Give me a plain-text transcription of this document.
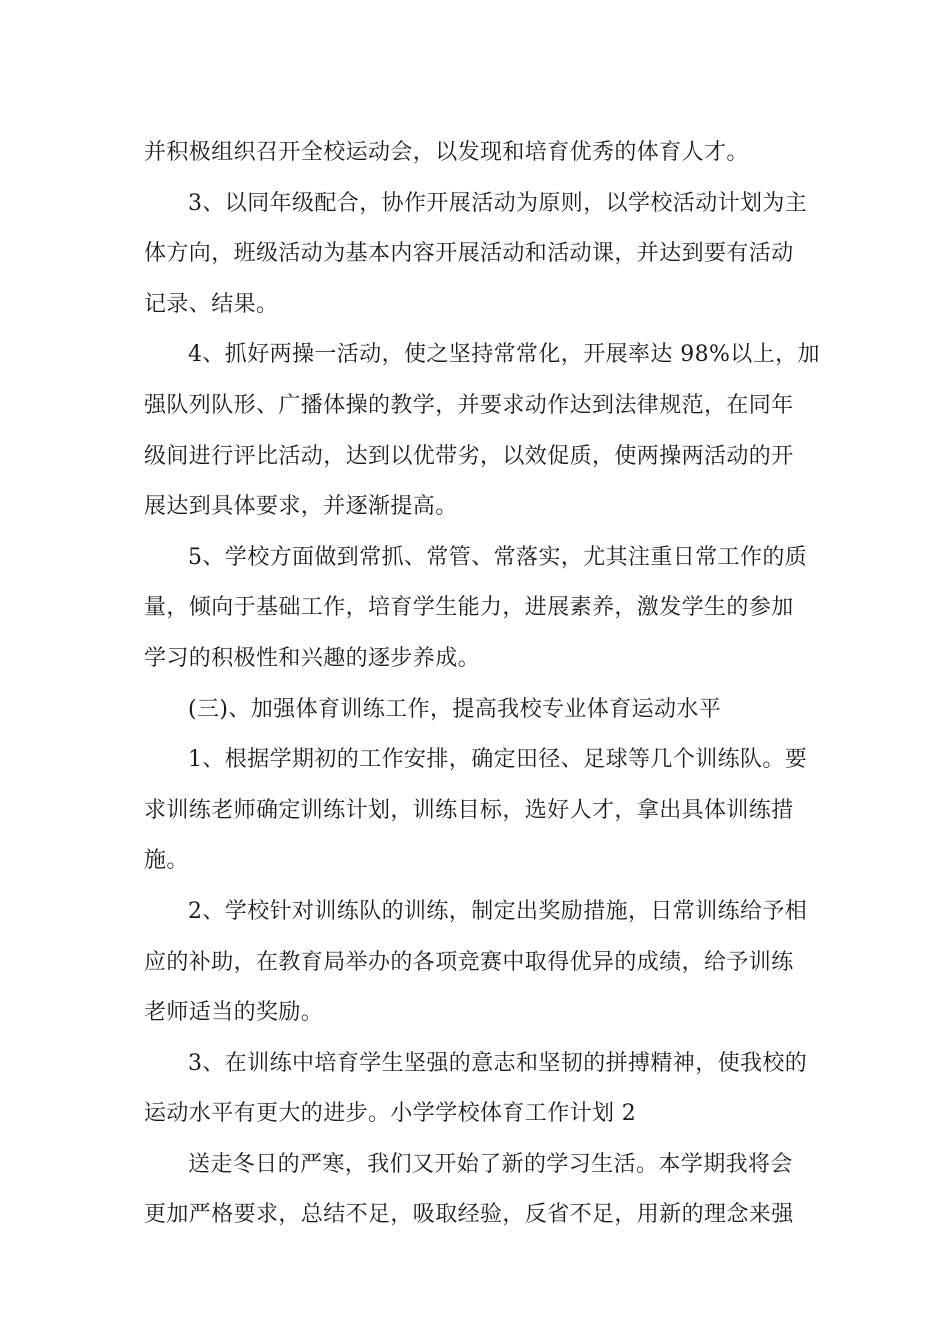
并积极组织召开全校运动会，以发现和培育优秀的体育人才。
3、以同年级配合，协作开展活动为原则，以学校活动计划为主
体方向，班级活动为基本内容开展活动和活动课，并达到要有活动
记录、结果。
4、抓好两操一活动，使之坚持常常化，开展率达 98%以上，加
强队列队形、广播体操的教学，并要求动作达到法律规范，在同年
级间进行评比活动，达到以优带劣，以效促质，使两操两活动的开
展达到具体要求，并逐渐提高。
5、学校方面做到常抓、常管、常落实，尤其注重日常工作的质
量，倾向于基础工作，培育学生能力，进展素养，激发学生的参加
学习的积极性和兴趣的逐步养成。
(三)、加强体育训练工作，提高我校专业体育运动水平
1、根据学期初的工作安排，确定田径、足球等几个训练队。要
求训练老师确定训练计划，训练目标，选好人才，拿出具体训练措
施。
2、学校针对训练队的训练，制定出奖励措施，日常训练给予相
应的补助，在教育局举办的各项竞赛中取得优异的成绩，给予训练
老师适当的奖励。
3、在训练中培育学生坚强的意志和坚韧的拼搏精神，使我校的
运动水平有更大的进步。小学学校体育工作计划 2
送走冬日的严寒，我们又开始了新的学习生活。本学期我将会
更加严格要求，总结不足，吸取经验，反省不足，用新的理念来强
